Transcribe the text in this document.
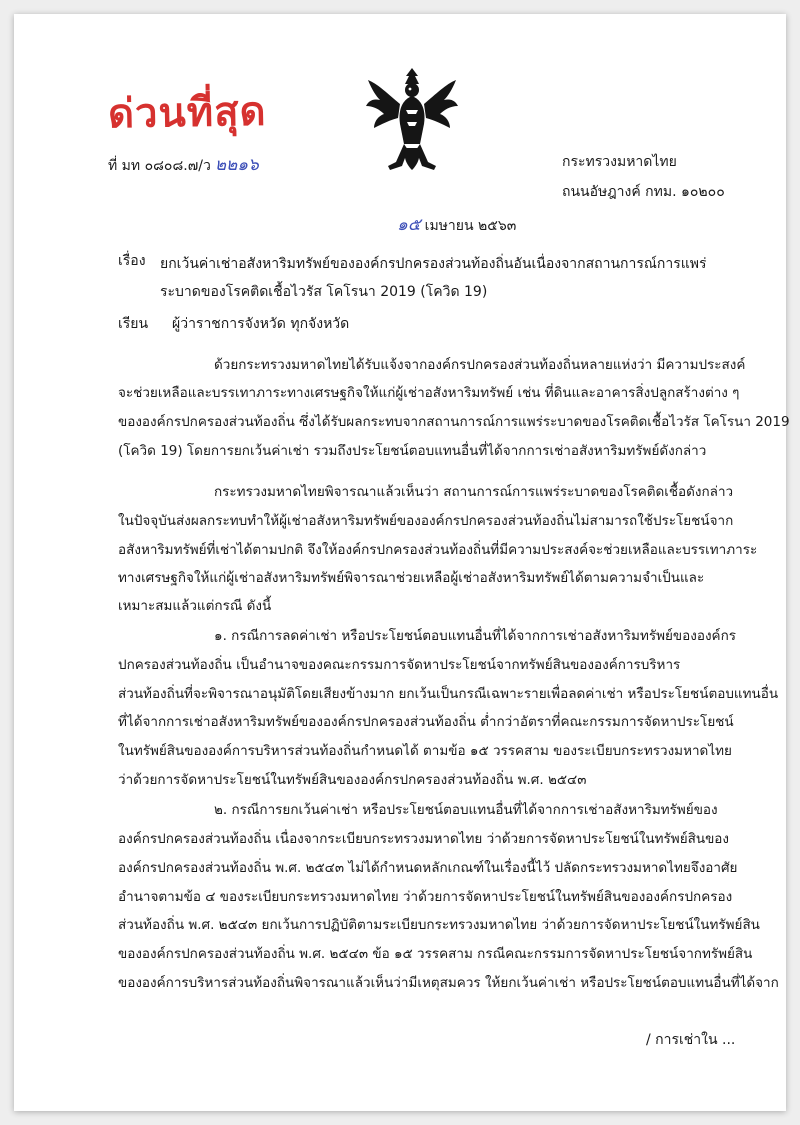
ด่วนที่สุด
ที่ มท ๐๘๐๘.๗/ว ๒๒๑๖	กระทรวงมหาดไทย
ถนนอัษฎางค์ กทม. ๑๐๒๐๐
๑๕ เมษายน ๒๕๖๓
เรื่อง ยกเว้นค่าเช่าอสังหาริมทรัพย์ขององค์กรปกครองส่วนท้องถิ่นอันเนื่องจากสถานการณ์การแพร่ระบาดของโรคติดเชื้อไวรัส โคโรนา 2019 (โควิด 19)
เรียน ผู้ว่าราชการจังหวัด ทุกจังหวัด
ด้วยกระทรวงมหาดไทยได้รับแจ้งจากองค์กรปกครองส่วนท้องถิ่นหลายแห่งว่า มีความประสงค์
จะช่วยเหลือและบรรเทาภาระทางเศรษฐกิจให้แก่ผู้เช่าอสังหาริมทรัพย์ เช่น ที่ดินและอาคารสิ่งปลูกสร้างต่าง ๆ
ขององค์กรปกครองส่วนท้องถิ่น ซึ่งได้รับผลกระทบจากสถานการณ์การแพร่ระบาดของโรคติดเชื้อไวรัส โคโรนา 2019
(โควิด 19) โดยการยกเว้นค่าเช่า รวมถึงประโยชน์ตอบแทนอื่นที่ได้จากการเช่าอสังหาริมทรัพย์ดังกล่าว
กระทรวงมหาดไทยพิจารณาแล้วเห็นว่า สถานการณ์การแพร่ระบาดของโรคติดเชื้อดังกล่าว
ในปัจจุบันส่งผลกระทบทำให้ผู้เช่าอสังหาริมทรัพย์ขององค์กรปกครองส่วนท้องถิ่นไม่สามารถใช้ประโยชน์จาก
อสังหาริมทรัพย์ที่เช่าได้ตามปกติ จึงให้องค์กรปกครองส่วนท้องถิ่นที่มีความประสงค์จะช่วยเหลือและบรรเทาภาระ
ทางเศรษฐกิจให้แก่ผู้เช่าอสังหาริมทรัพย์พิจารณาช่วยเหลือผู้เช่าอสังหาริมทรัพย์ได้ตามความจำเป็นและ
เหมาะสมแล้วแต่กรณี ดังนี้
๑. กรณีการลดค่าเช่า หรือประโยชน์ตอบแทนอื่นที่ได้จากการเช่าอสังหาริมทรัพย์ขององค์กร
ปกครองส่วนท้องถิ่น เป็นอำนาจของคณะกรรมการจัดหาประโยชน์จากทรัพย์สินขององค์การบริหาร
ส่วนท้องถิ่นที่จะพิจารณาอนุมัติโดยเสียงข้างมาก ยกเว้นเป็นกรณีเฉพาะรายเพื่อลดค่าเช่า หรือประโยชน์ตอบแทนอื่น
ที่ได้จากการเช่าอสังหาริมทรัพย์ขององค์กรปกครองส่วนท้องถิ่น ต่ำกว่าอัตราที่คณะกรรมการจัดหาประโยชน์
ในทรัพย์สินขององค์การบริหารส่วนท้องถิ่นกำหนดได้ ตามข้อ ๑๕ วรรคสาม ของระเบียบกระทรวงมหาดไทย
ว่าด้วยการจัดหาประโยชน์ในทรัพย์สินขององค์กรปกครองส่วนท้องถิ่น พ.ศ. ๒๕๔๓
๒. กรณีการยกเว้นค่าเช่า หรือประโยชน์ตอบแทนอื่นที่ได้จากการเช่าอสังหาริมทรัพย์ของ
องค์กรปกครองส่วนท้องถิ่น เนื่องจากระเบียบกระทรวงมหาดไทย ว่าด้วยการจัดหาประโยชน์ในทรัพย์สินของ
องค์กรปกครองส่วนท้องถิ่น พ.ศ. ๒๕๔๓ ไม่ได้กำหนดหลักเกณฑ์ในเรื่องนี้ไว้ ปลัดกระทรวงมหาดไทยจึงอาศัย
อำนาจตามข้อ ๔ ของระเบียบกระทรวงมหาดไทย ว่าด้วยการจัดหาประโยชน์ในทรัพย์สินขององค์กรปกครอง
ส่วนท้องถิ่น พ.ศ. ๒๕๔๓ ยกเว้นการปฏิบัติตามระเบียบกระทรวงมหาดไทย ว่าด้วยการจัดหาประโยชน์ในทรัพย์สิน
ขององค์กรปกครองส่วนท้องถิ่น พ.ศ. ๒๕๔๓ ข้อ ๑๕ วรรคสาม กรณีคณะกรรมการจัดหาประโยชน์จากทรัพย์สิน
ขององค์การบริหารส่วนท้องถิ่นพิจารณาแล้วเห็นว่ามีเหตุสมควร ให้ยกเว้นค่าเช่า หรือประโยชน์ตอบแทนอื่นที่ได้จาก
/ การเช่าใน ...
